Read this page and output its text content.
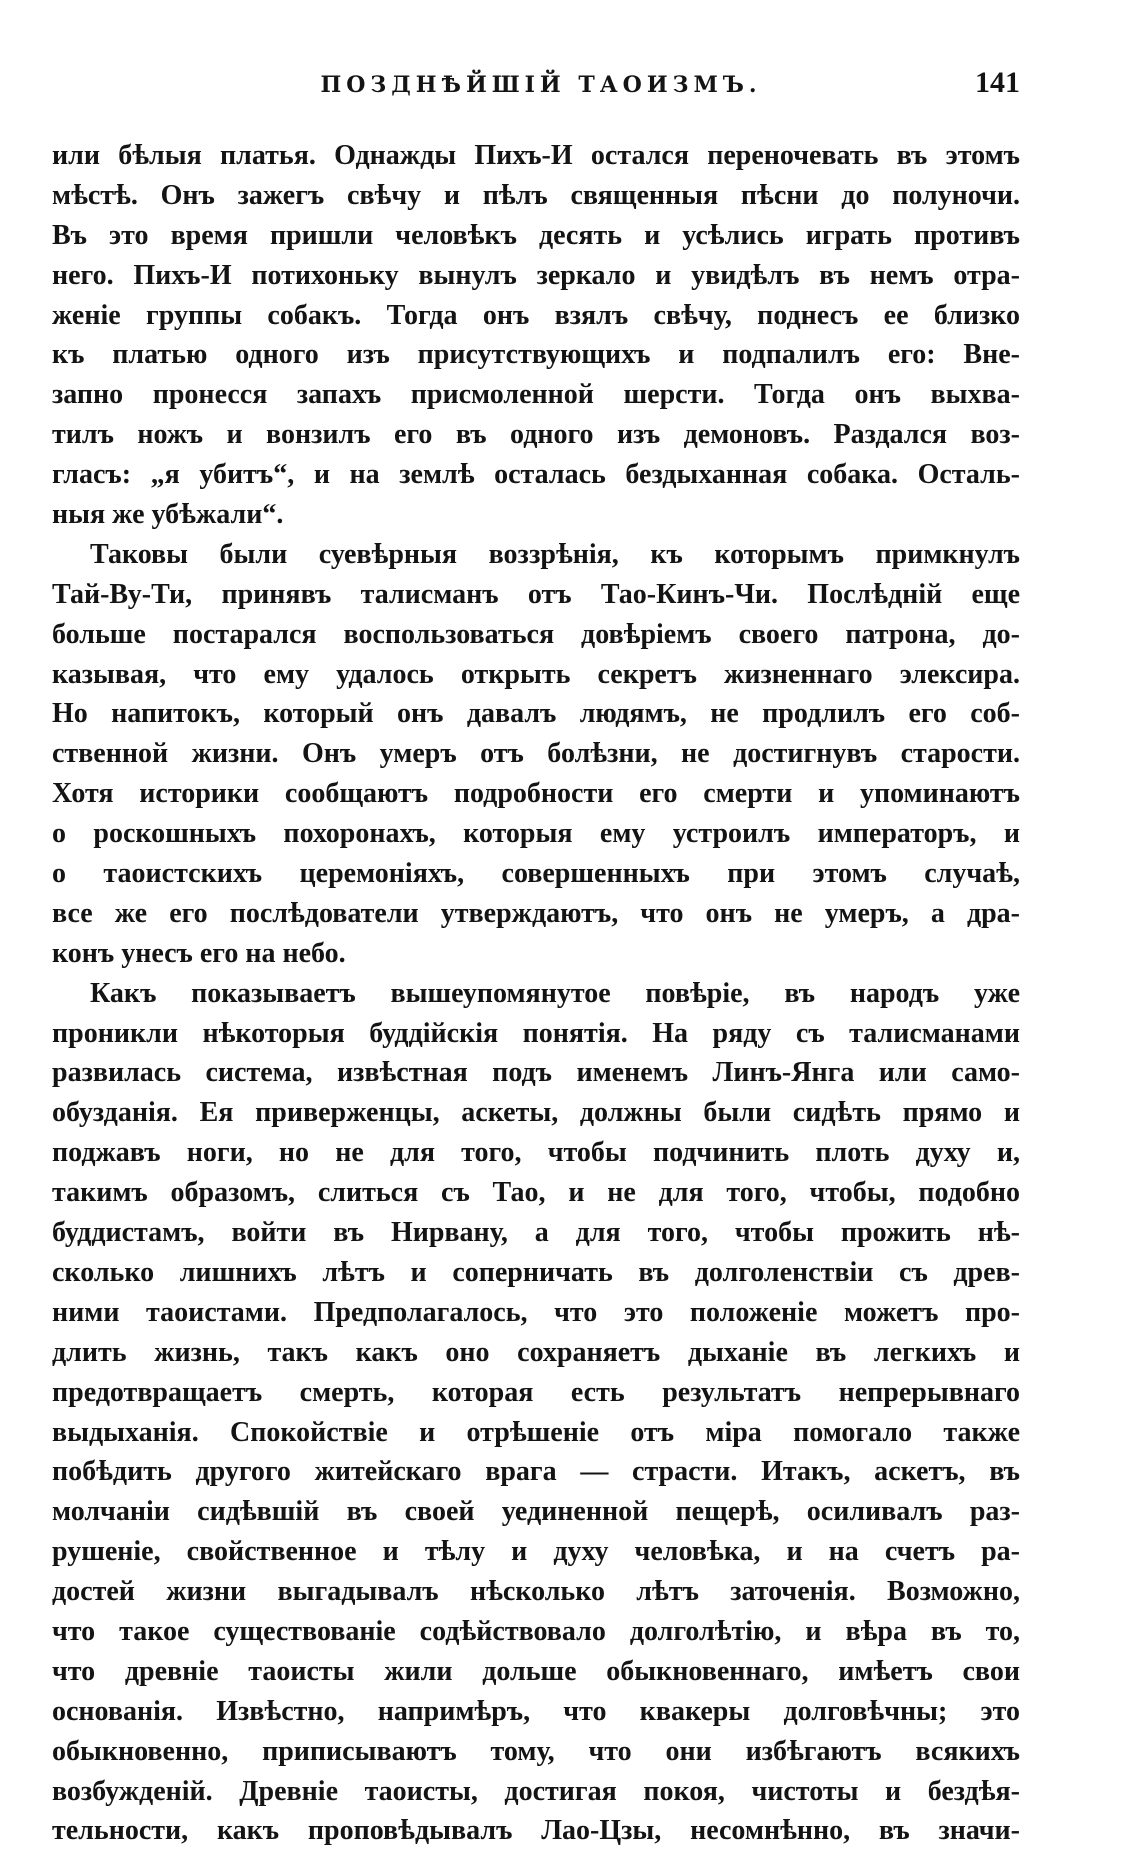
ПОЗДНѢЙШІЙ ТАОИЗМЪ.	141
или бѣлыя платья. Однажды Пихъ-И остался переночевать въ этомъ
мѣстѣ. Онъ зажегъ свѣчу и пѣлъ священныя пѣсни до полуночи.
Въ это время пришли человѣкъ десять и усѣлись играть противъ
него. Пихъ-И потихоньку вынулъ зеркало и увидѣлъ въ немъ отра-
женіе группы собакъ. Тогда онъ взялъ свѣчу, поднесъ ее близко
къ платью одного изъ присутствующихъ и подпалилъ его: Вне-
запно пронесся запахъ присмоленной шерсти. Тогда онъ выхва-
тилъ ножъ и вонзилъ его въ одного изъ демоновъ. Раздался воз-
гласъ: „я убитъ“, и на землѣ осталась бездыханная собака. Осталь-
ныя же убѣжали“.
Таковы были суевѣрныя воззрѣнія, къ которымъ примкнулъ
Тай-Ву-Ти, принявъ талисманъ отъ Тао-Кинъ-Чи. Послѣдній еще
больше постарался воспользоваться довѣріемъ своего патрона, до-
казывая, что ему удалось открыть секретъ жизненнаго элексира.
Но напитокъ, который онъ давалъ людямъ, не продлилъ его соб-
ственной жизни. Онъ умеръ отъ болѣзни, не достигнувъ старости.
Хотя историки сообщаютъ подробности его смерти и упоминаютъ
о роскошныхъ похоронахъ, которыя ему устроилъ императоръ, и
о таоистскихъ церемоніяхъ, совершенныхъ при этомъ случаѣ,
все же его послѣдователи утверждаютъ, что онъ не умеръ, а дра-
конъ унесъ его на небо.
Какъ показываетъ вышеупомянутое повѣріе, въ народъ уже
проникли нѣкоторыя буддійскія понятія. На ряду съ талисманами
развилась система, извѣстная подъ именемъ Линъ-Янга или само-
обузданія. Ея приверженцы, аскеты, должны были сидѣть прямо и
поджавъ ноги, но не для того, чтобы подчинить плоть духу и,
такимъ образомъ, слиться съ Тао, и не для того, чтобы, подобно
буддистамъ, войти въ Нирвану, а для того, чтобы прожить нѣ-
сколько лишнихъ лѣтъ и соперничать въ долголенствіи съ древ-
ними таоистами. Предполагалось, что это положеніе можетъ про-
длить жизнь, такъ какъ оно сохраняетъ дыханіе въ легкихъ и
предотвращаетъ смерть, которая есть результатъ непрерывнаго
выдыханія. Спокойствіе и отрѣшеніе отъ міра помогало также
побѣдить другого житейскаго врага — страсти. Итакъ, аскетъ, въ
молчаніи сидѣвшій въ своей уединенной пещерѣ, осиливалъ раз-
рушеніе, свойственное и тѣлу и духу человѣка, и на счетъ ра-
достей жизни выгадывалъ нѣсколько лѣтъ заточенія. Возможно,
что такое существованіе содѣйствовало долголѣтію, и вѣра въ то,
что древніе таоисты жили дольше обыкновеннаго, имѣетъ свои
основанія. Извѣстно, напримѣръ, что квакеры долговѣчны; это
обыкновенно, приписываютъ тому, что они избѣгаютъ всякихъ
возбужденій. Древніе таоисты, достигая покоя, чистоты и бездѣя-
тельности, какъ проповѣдывалъ Лао-Цзы, несомнѣнно, въ значи-
